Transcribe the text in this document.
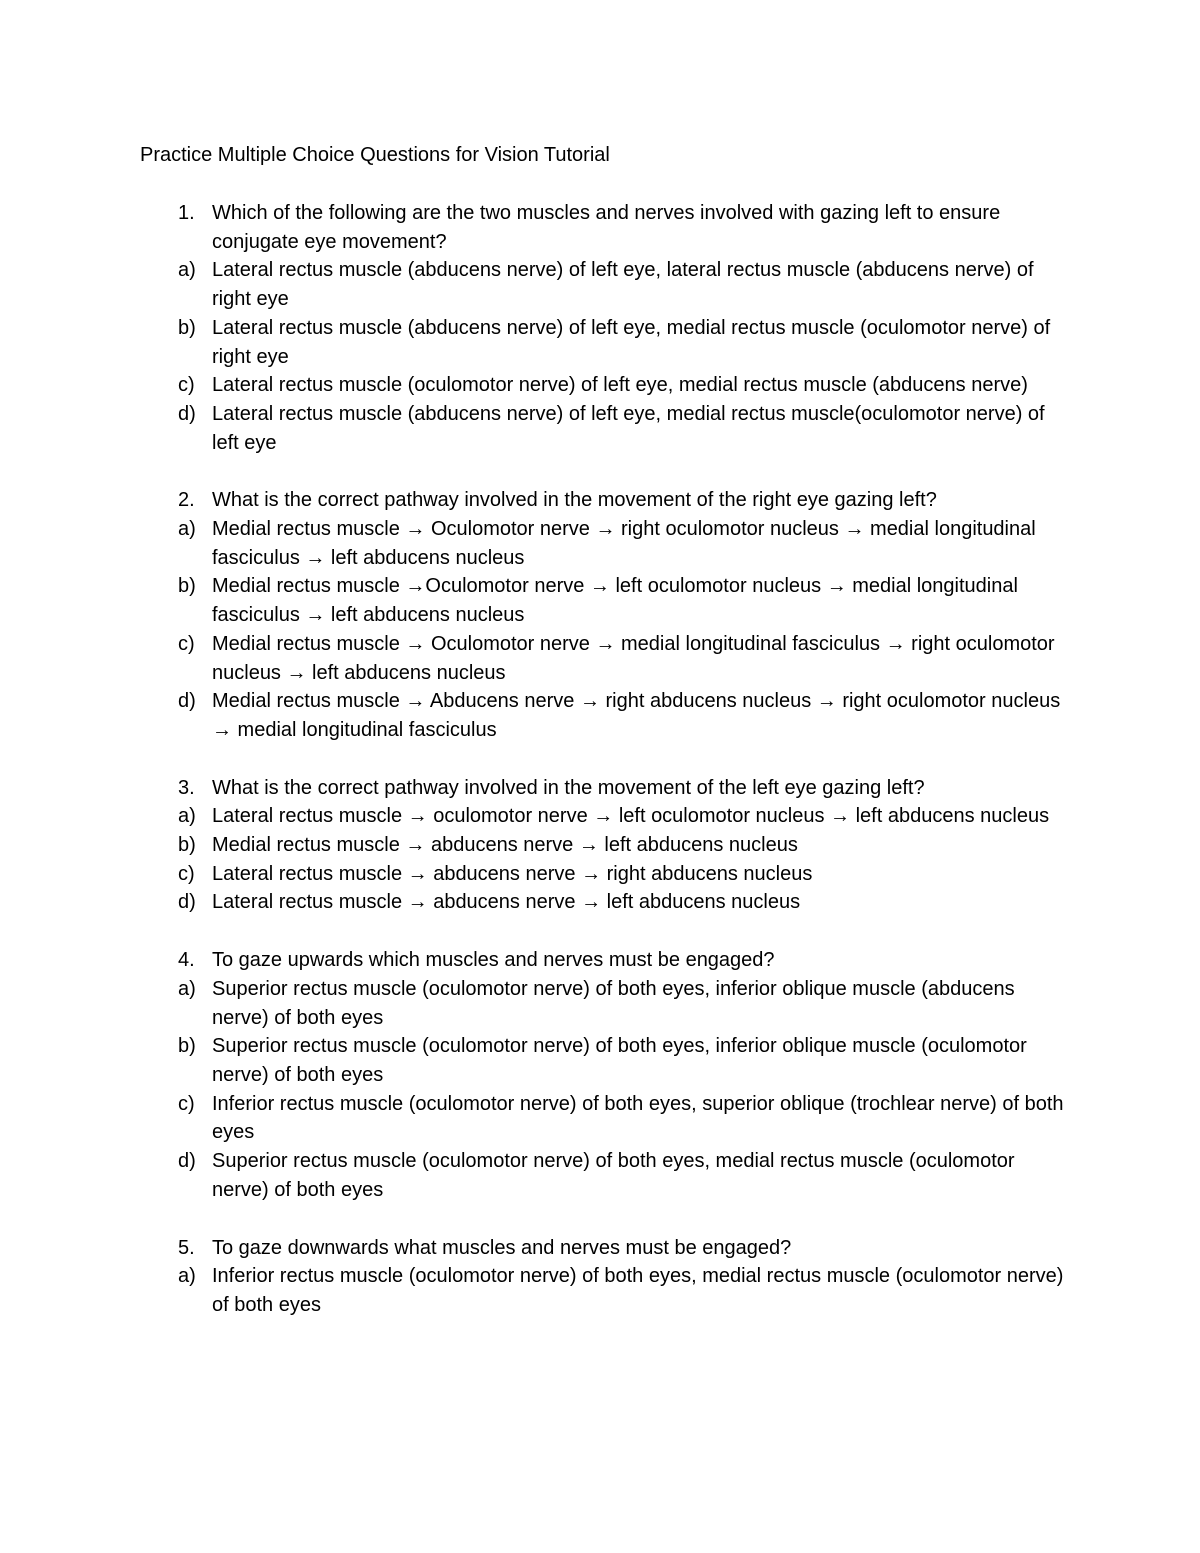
Practice Multiple Choice Questions for Vision Tutorial
1. Which of the following are the two muscles and nerves involved with gazing left to ensure conjugate eye movement?
a) Lateral rectus muscle (abducens nerve) of left eye, lateral rectus muscle (abducens nerve) of right eye
b) Lateral rectus muscle (abducens nerve) of left eye, medial rectus muscle (oculomotor nerve) of right eye
c) Lateral rectus muscle (oculomotor nerve) of left eye, medial rectus muscle (abducens nerve)
d) Lateral rectus muscle (abducens nerve) of left eye, medial rectus muscle(oculomotor nerve) of left eye
2. What is the correct pathway involved in the movement of the right eye gazing left?
a) Medial rectus muscle → Oculomotor nerve → right oculomotor nucleus → medial longitudinal fasciculus → left abducens nucleus
b) Medial rectus muscle →Oculomotor nerve → left oculomotor nucleus → medial longitudinal fasciculus → left abducens nucleus
c) Medial rectus muscle → Oculomotor nerve → medial longitudinal fasciculus → right oculomotor nucleus → left abducens nucleus
d) Medial rectus muscle → Abducens nerve → right abducens nucleus → right oculomotor nucleus → medial longitudinal fasciculus
3. What is the correct pathway involved in the movement of the left eye gazing left?
a) Lateral rectus muscle → oculomotor nerve → left oculomotor nucleus → left abducens nucleus
b) Medial rectus muscle → abducens nerve → left abducens nucleus
c) Lateral rectus muscle → abducens nerve → right abducens nucleus
d) Lateral rectus muscle → abducens nerve → left abducens nucleus
4. To gaze upwards which muscles and nerves must be engaged?
a) Superior rectus muscle (oculomotor nerve) of both eyes, inferior oblique muscle (abducens nerve) of both eyes
b) Superior rectus muscle (oculomotor nerve) of both eyes, inferior oblique muscle (oculomotor nerve) of both eyes
c) Inferior rectus muscle (oculomotor nerve) of both eyes, superior oblique (trochlear nerve) of both eyes
d) Superior rectus muscle (oculomotor nerve) of both eyes, medial rectus muscle (oculomotor nerve) of both eyes
5. To gaze downwards what muscles and nerves must be engaged?
a) Inferior rectus muscle (oculomotor nerve) of both eyes, medial rectus muscle (oculomotor nerve) of both eyes
